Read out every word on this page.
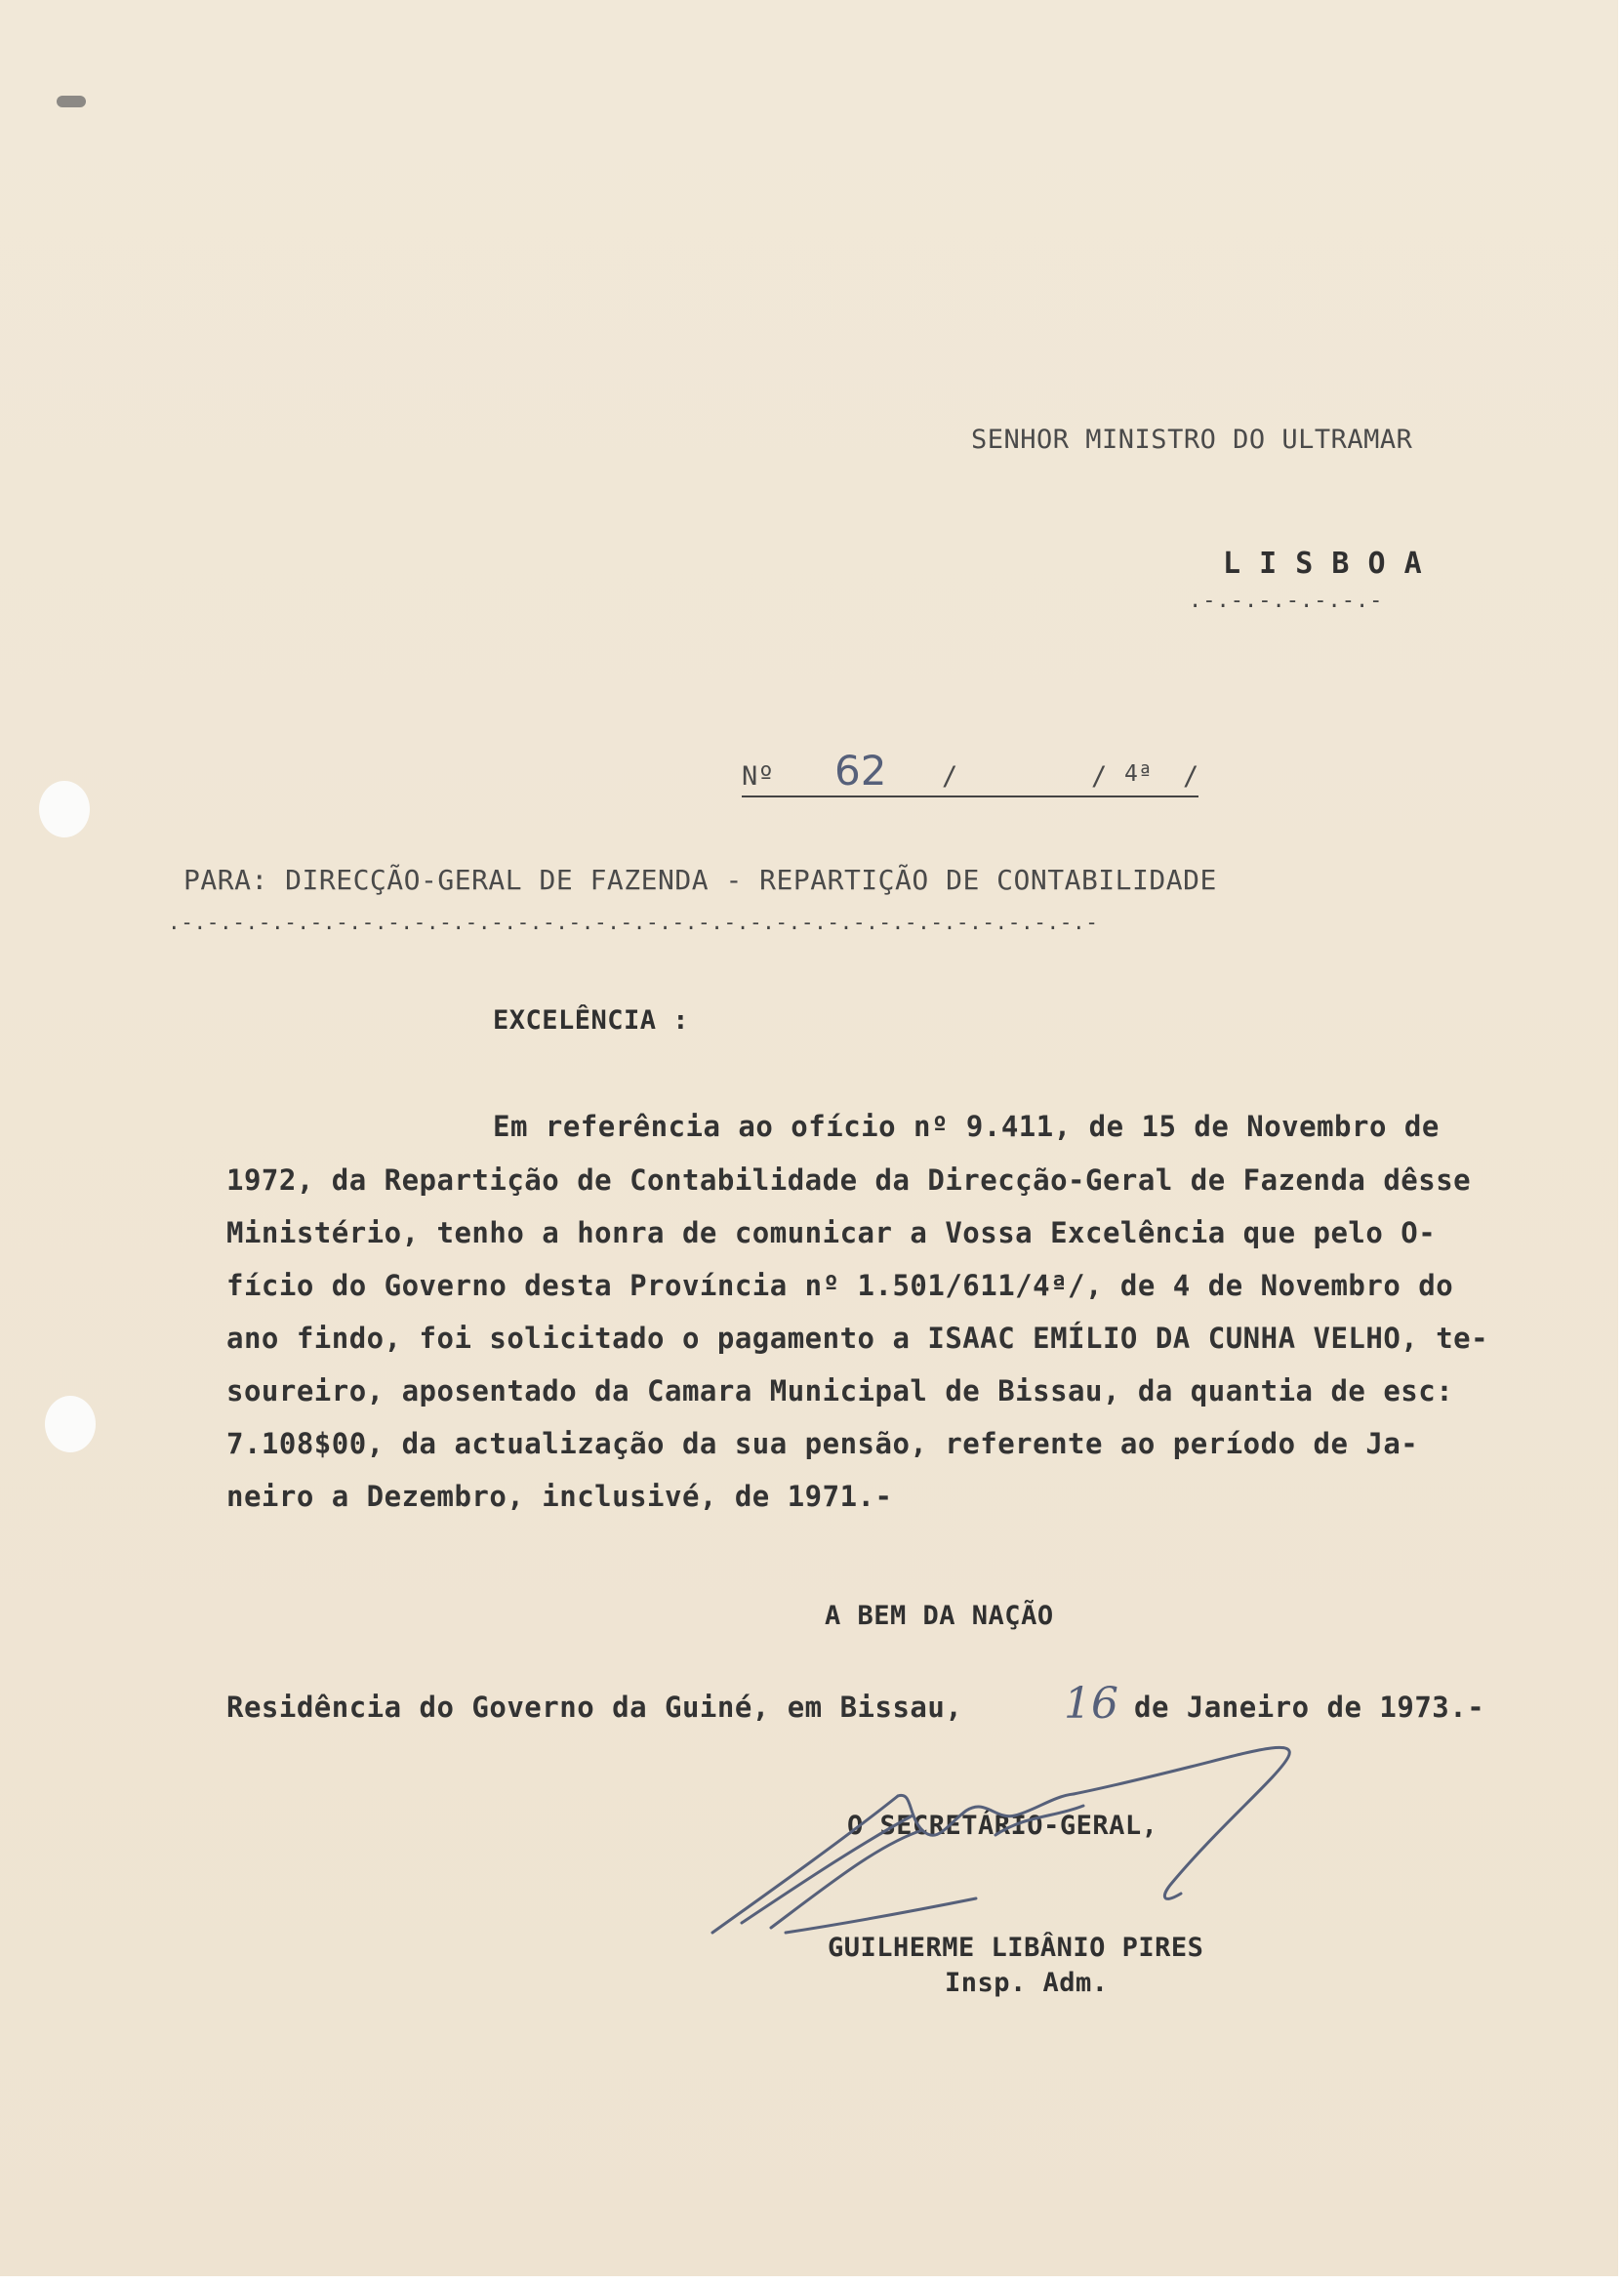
SENHOR MINISTRO DO ULTRAMAR
L I S B O A
.-.-.-.-.-.-.-
Nº 62 /	/ 4ª /
PARA: DIRECÇÃO-GERAL DE FAZENDA - REPARTIÇÃO DE CONTABILIDADE
.-.-.-.-.-.-.-.-.-.-.-.-.-.-.-.-.-.-.-.-.-.-.-.-.-.-.-.-.-.-.-.-.-.-.-.-
EXCELÊNCIA :
Em referência ao ofício nº 9.411, de 15 de Novembro de
1972, da Repartição de Contabilidade da Direcção-Geral de Fazenda dêsse
Ministério, tenho a honra de comunicar a Vossa Excelência que pelo O-
fício do Governo desta Província nº 1.501/611/4ª/, de 4 de Novembro do
ano findo, foi solicitado o pagamento a ISAAC EMÍLIO DA CUNHA VELHO, te-
soureiro, aposentado da Camara Municipal de Bissau, da quantia de esc:
7.108$00, da actualização da sua pensão, referente ao período de Ja-
neiro a Dezembro, inclusivé, de 1971.-
A BEM DA NAÇÃO
Residência do Governo da Guiné, em Bissau, 16 de Janeiro de 1973.-
O SECRETÁRIO-GERAL,
GUILHERME LIBÂNIO PIRES
Insp. Adm.
